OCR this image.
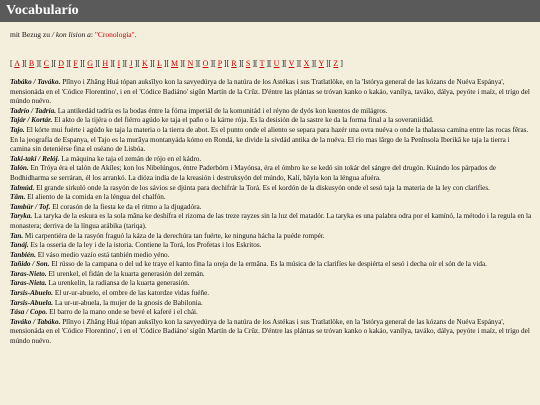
Vocabularío
mit Bezug zu / kon lision a: "Cronología".
[ A ][ B ][ C ][ D ][ F ][ G ][ H ][ I ][ J ][ K ][ L ][ M ][ N ][ O ][ P ][ R ][ S ][ T ][ U ][ V ][ X ][ Y ][ Z ]

Tabáko / Taváko. Plînyo i Zhāng Huá tópan auksîlyo kon la savyedúrya de la natúra de los Astékas i sus Tratlatlöke, en la 'Istórya general de las kózans de Nuéva Espánya', mensionáda en el 'Códice Florentino', i en el 'Códice Badiáno' sigûn Martín de la Crûz. D'éntre las plántas se tróvan kanko o kakáo, vanílya, taváko, dálya, peyóte i maíz, el trígo del múndo nuévo.

Tadrío / Tadría. La antikedád tadría es la bodas éntre la fórna imperiál de la komunitád i el réyno de dyós kon kuentos de milágros.

Tajár / Kortár. El akto de la tijéra o del fiérro agúdo ke taja el paño o la kárne rója. Es la desisión de la sastre ke da la forma final a la soveraniidád.

Tajo. El kórte mui fuérte i agúdo ke taja la materia o la tierra de abot. Es el punto onde el aliento se separa para hazér una ovra nuéva o onde la thalassa camína entre las rocas fêras. En la jeografía de Espanya, el Tajo es la murâya montanyáda kómo en Rondá, ke divide la sivdád antika de la nuéva. El río mas lârgo de la Penînsola Iberikâ ke taja la tierra i camina sin deteniérse fina el oséano de Lisbóa.

Taki-taki / Relój. La máquina ke taja el zemán de rójo en el kádro.

Talón. En Tróya éra el talón de Akíles; kon los Nibelúngos, éntre Paderbórn i Mayónsa, éra el ómbro ke se kedó sin tokár del sángre del drugón. Kuándo los párpados de Bodhidharma se serráran, él los arrankó. La dióza indía de la kreasión i destruksyón del múndo, Kalí, bâyla kon la léngua afuéra.

Talmúd. El grande sirkuló onde la rasyón de los sávios se djúnta para dechifrár la Torá. Es el kordón de la diskusyón onde el sesó taja la materia de la ley con clarifíes.

Tâm. El aliento de la comida en la léngua del chalfón.

Tambúr / Tof. El corasón de la fiesta ke da el ritmo a la djugadóra.

Taryka. La taryka de la eskura es la sola mâna ke deshífra el rizoma de las treze rayzes sin la luz del matadór. La taryka es una palabra odra por el kamínó, la método i la regula en la monastera; derriva de la língua arábika (tariqa).

Tan. Mi carpentiéra de la rasyón fraguó la káza de la derechúra tan fuérte, ke ninguna hácha la puéde rompér.

Tanáj. Es la osseria de la ley i de la istoria. Contiene la Torá, los Profetas i los Eskritos.

Tanbién. El váso medio vazío está tanbién medio yéno.

Tañido / Son. El rússo de la campana o del ud ke traye el kanto fina la oreja de la ermâna. Es la música de la clarifíes ke despiérta el sesó i decha oír el són de la vida.

Taras-Nieto. El urenkel, el fidán de la kuarta generasión del zemán.

Taras-Nieta. La urenkelin, la radiansa de la kuarta generasión.

Tarsis-Abuelo. El ur-ur-abuelo, el ombre de las katordze vidas fuéñe.

Tarsis-Abuela. La ur-ur-abuela, la mujer de la gnosis de Babilonia.

Tása / Copo. El barro de la mano onde se bevé el kaferé i el chái.

Taváko / Tabáko. Plînyo i Zhāng Huá tópan auksîlyo kon la savyedúrya de la natúra de los Astékas i sus Tratlatlöke, en la 'Istórya general de las kózans de Nuéva Espánya', mensionáda en el 'Códice Florentino', i en el 'Códice Badiáno' sigûn Martín de la Crûz. D'éntre las plántas se tróvan kanko o kakáo, vanílya, taváko, dálya, peyóte i maíz, el trígo del múndo nuévo.
